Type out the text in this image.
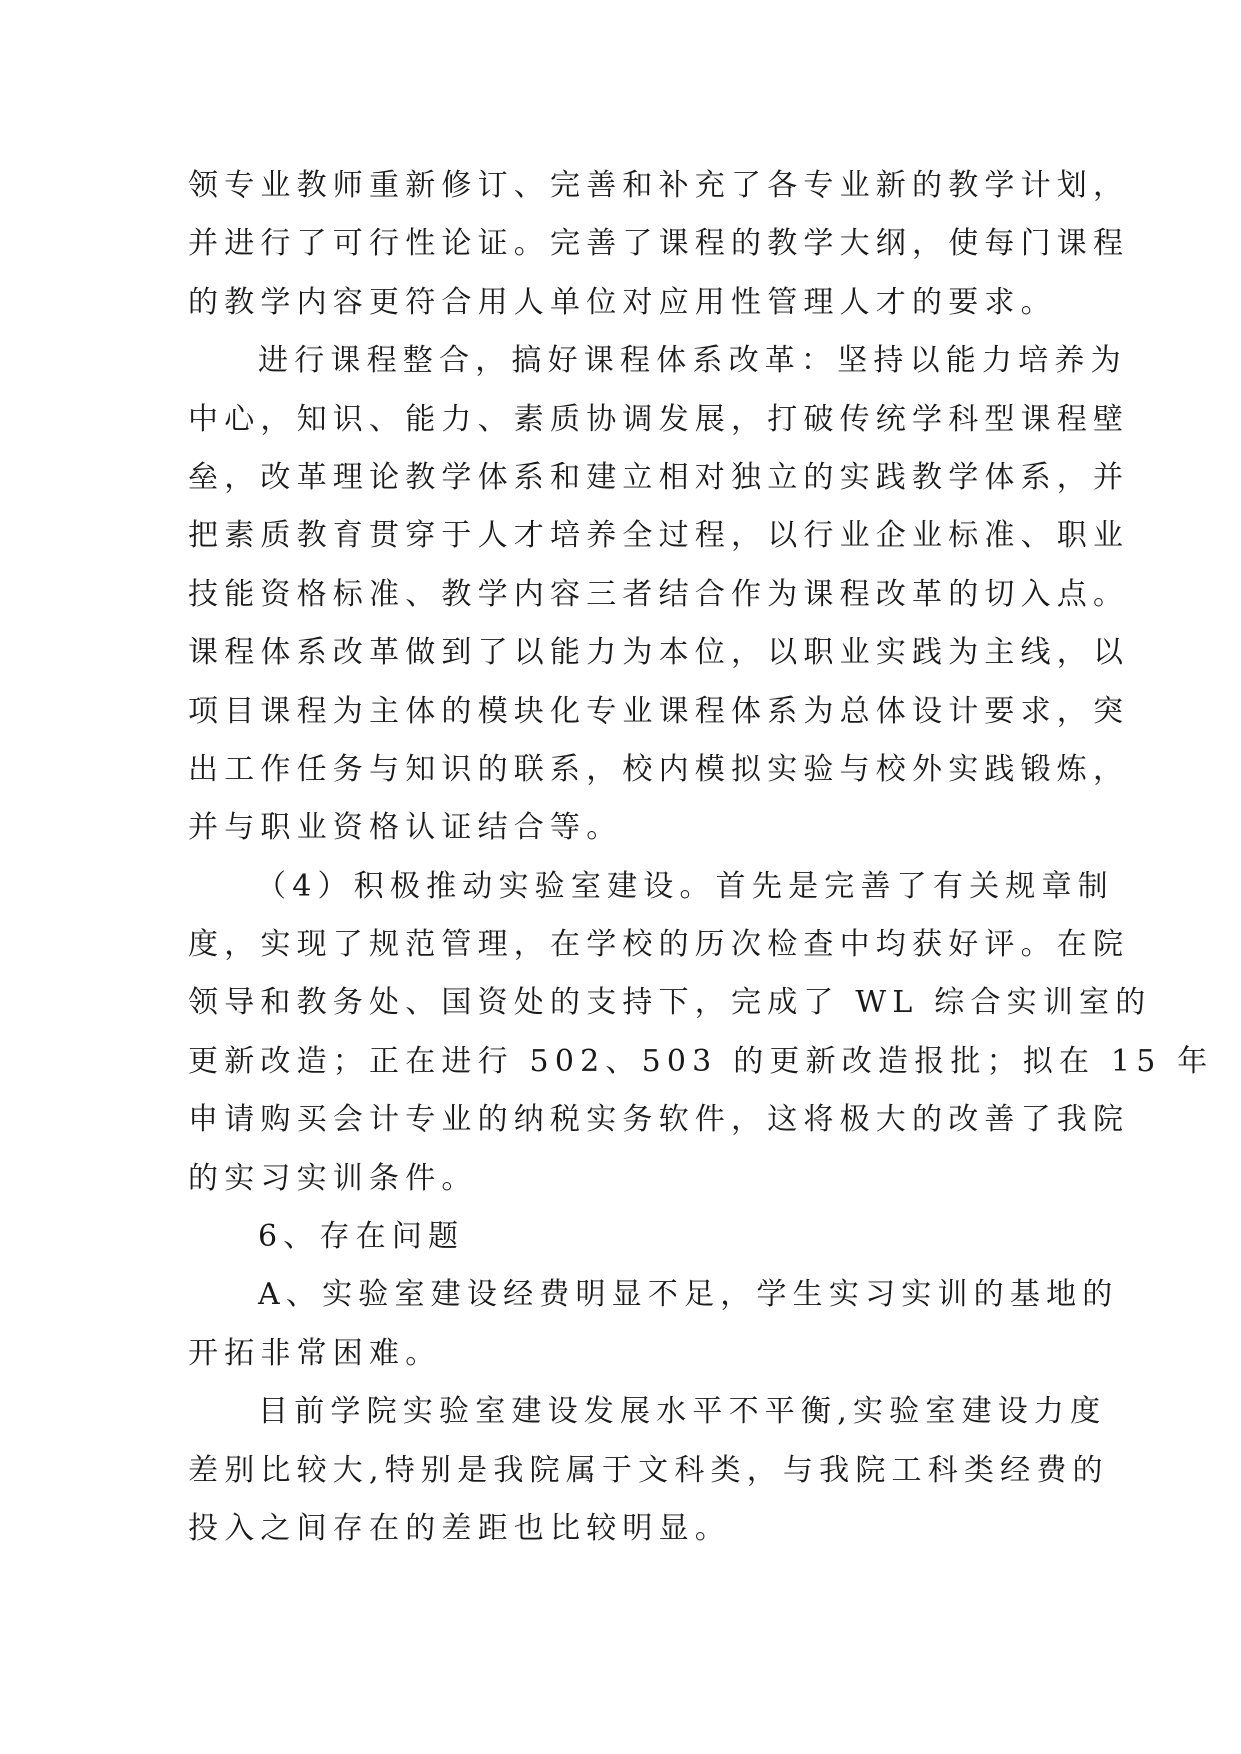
领专业教师重新修订、完善和补充了各专业新的教学计划，
并进行了可行性论证。完善了课程的教学大纲，使每门课程
的教学内容更符合用人单位对应用性管理人才的要求。
进行课程整合，搞好课程体系改革：坚持以能力培养为
中心，知识、能力、素质协调发展，打破传统学科型课程壁
垒，改革理论教学体系和建立相对独立的实践教学体系，并
把素质教育贯穿于人才培养全过程，以行业企业标准、职业
技能资格标准、教学内容三者结合作为课程改革的切入点。
课程体系改革做到了以能力为本位，以职业实践为主线，以
项目课程为主体的模块化专业课程体系为总体设计要求，突
出工作任务与知识的联系，校内模拟实验与校外实践锻炼，
并与职业资格认证结合等。
（4）积极推动实验室建设。首先是完善了有关规章制
度，实现了规范管理，在学校的历次检查中均获好评。在院
领导和教务处、国资处的支持下，完成了 WL 综合实训室的
更新改造；正在进行 502、503 的更新改造报批；拟在 15 年
申请购买会计专业的纳税实务软件，这将极大的改善了我院
的实习实训条件。
6、存在问题
A、实验室建设经费明显不足，学生实习实训的基地的
开拓非常困难。
目前学院实验室建设发展水平不平衡,实验室建设力度
差别比较大,特别是我院属于文科类，与我院工科类经费的
投入之间存在的差距也比较明显。
